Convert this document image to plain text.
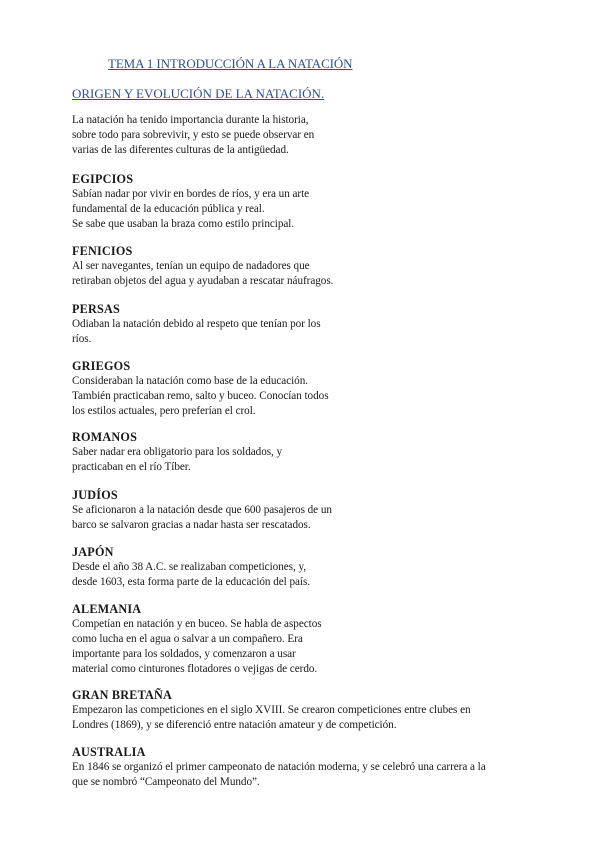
TEMA 1 INTRODUCCIÓN A LA NATACIÓN
ORIGEN Y EVOLUCIÓN DE LA NATACIÓN.
La natación ha tenido importancia durante la historia,
sobre todo para sobrevivir, y esto se puede observar en
varias de las diferentes culturas de la antigüedad.
EGIPCIOS
Sabían nadar por vivir en bordes de ríos, y era un arte
fundamental de la educación pública y real.
Se sabe que usaban la braza como estilo principal.
FENICIOS
Al ser navegantes, tenían un equipo de nadadores que
retiraban objetos del agua y ayudaban a rescatar náufragos.
PERSAS
Odiaban la natación debido al respeto que tenían por los
ríos.
GRIEGOS
Consideraban la natación como base de la educación.
También practicaban remo, salto y buceo. Conocían todos
los estilos actuales, pero preferían el crol.
ROMANOS
Saber nadar era obligatorio para los soldados, y
practicaban en el río Tíber.
JUDÍOS
Se aficionaron a la natación desde que 600 pasajeros de un
barco se salvaron gracias a nadar hasta ser rescatados.
JAPÓN
Desde el año 38 A.C. se realizaban competiciones, y,
desde 1603, esta forma parte de la educación del país.
ALEMANIA
Competían en natación y en buceo. Se habla de aspectos
como lucha en el agua o salvar a un compañero. Era
importante para los soldados, y comenzaron a usar
material como cinturones flotadores o vejigas de cerdo.
GRAN BRETAÑA
Empezaron las competiciones en el siglo XVIII. Se crearon competiciones entre clubes en
Londres (1869), y se diferenció entre natación amateur y de competición.
AUSTRALIA
En 1846 se organizó el primer campeonato de natación moderna, y se celebró una carrera a la
que se nombró “Campeonato del Mundo”.
